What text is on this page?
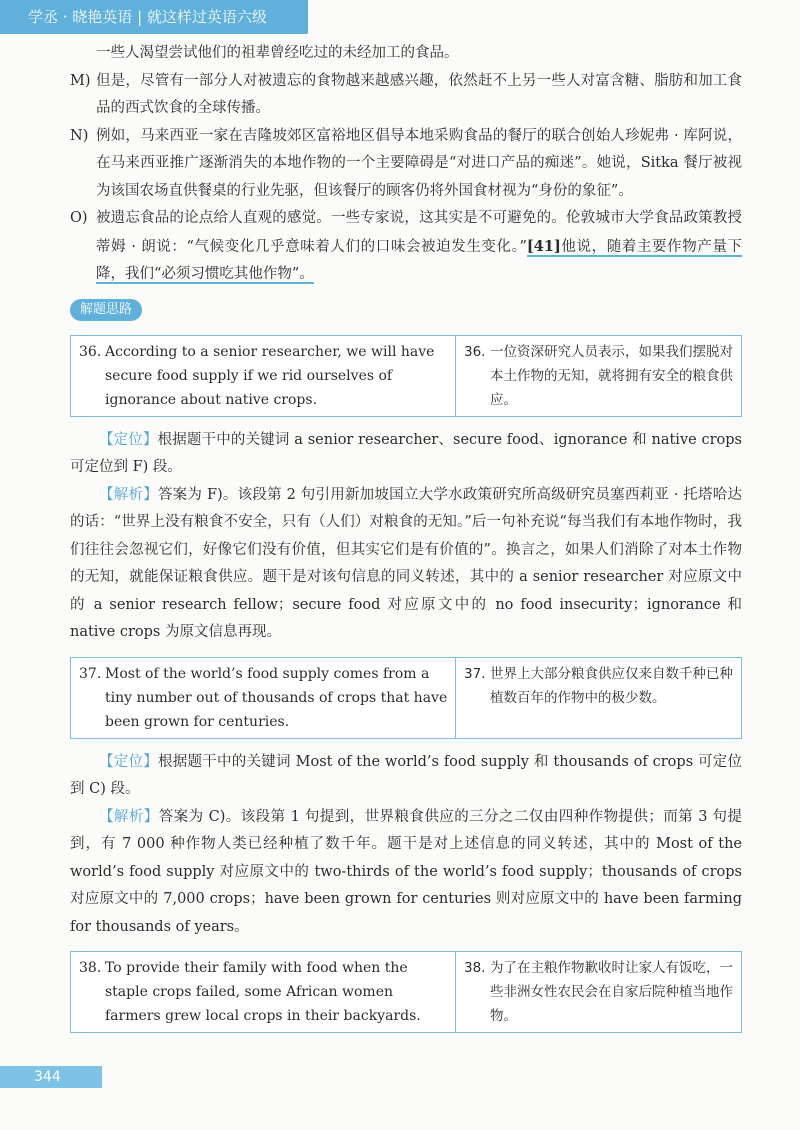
学丞 · 晓艳英语 | 就这样过英语六级

一些人渴望尝试他们的祖辈曾经吃过的未经加工的食品。

M) 但是，尽管有一部分人对被遗忘的食物越来越感兴趣，依然赶不上另一些人对富含糖、脂肪和加工食品的西式饮食的全球传播。

N) 例如，马来西亚一家在吉隆坡郊区富裕地区倡导本地采购食品的餐厅的联合创始人珍妮弗 · 库阿说，在马来西亚推广逐渐消失的本地作物的一个主要障碍是“对进口产品的痴迷”。她说，Sitka 餐厅被视为该国农场直供餐桌的行业先驱，但该餐厅的顾客仍将外国食材视为“身份的象征”。

O) 被遗忘食品的论点给人直观的感觉。一些专家说，这其实是不可避免的。伦敦城市大学食品政策教授蒂姆 · 朗说：“气候变化几乎意味着人们的口味会被迫发生变化。”[41]他说，随着主要作物产量下降，我们“必须习惯吃其他作物”。

解题思路
36. According to a senior researcher, we will have secure food supply if we rid ourselves of ignorance about native crops.
36. 一位资深研究人员表示，如果我们摆脱对本土作物的无知，就将拥有安全的粮食供应。

【定位】根据题干中的关键词 a senior researcher、secure food、ignorance 和 native crops 可定位到 F) 段。

【解析】答案为 F)。该段第 2 句引用新加坡国立大学水政策研究所高级研究员塞西莉亚 · 托塔哈达的话：“世界上没有粮食不安全，只有（人们）对粮食的无知。”后一句补充说“每当我们有本地作物时，我们往往会忽视它们，好像它们没有价值，但其实它们是有价值的”。换言之，如果人们消除了对本土作物的无知，就能保证粮食供应。题干是对该句信息的同义转述，其中的 a senior researcher 对应原文中的 a senior research fellow；secure food 对应原文中的 no food insecurity；ignorance 和 native crops 为原文信息再现。

37. Most of the world’s food supply comes from a tiny number out of thousands of crops that have been grown for centuries.
37. 世界上大部分粮食供应仅来自数千种已种植数百年的作物中的极少数。

【定位】根据题干中的关键词 Most of the world’s food supply 和 thousands of crops 可定位到 C) 段。

【解析】答案为 C)。该段第 1 句提到，世界粮食供应的三分之二仅由四种作物提供；而第 3 句提到，有 7 000 种作物人类已经种植了数千年。题干是对上述信息的同义转述，其中的 Most of the world’s food supply 对应原文中的 two-thirds of the world’s food supply；thousands of crops 对应原文中的 7,000 crops；have been grown for centuries 则对应原文中的 have been farming for thousands of years。

38. To provide their family with food when the staple crops failed, some African women farmers grew local crops in their backyards.
38. 为了在主粮作物歉收时让家人有饭吃，一些非洲女性农民会在自家后院种植当地作物。
344
